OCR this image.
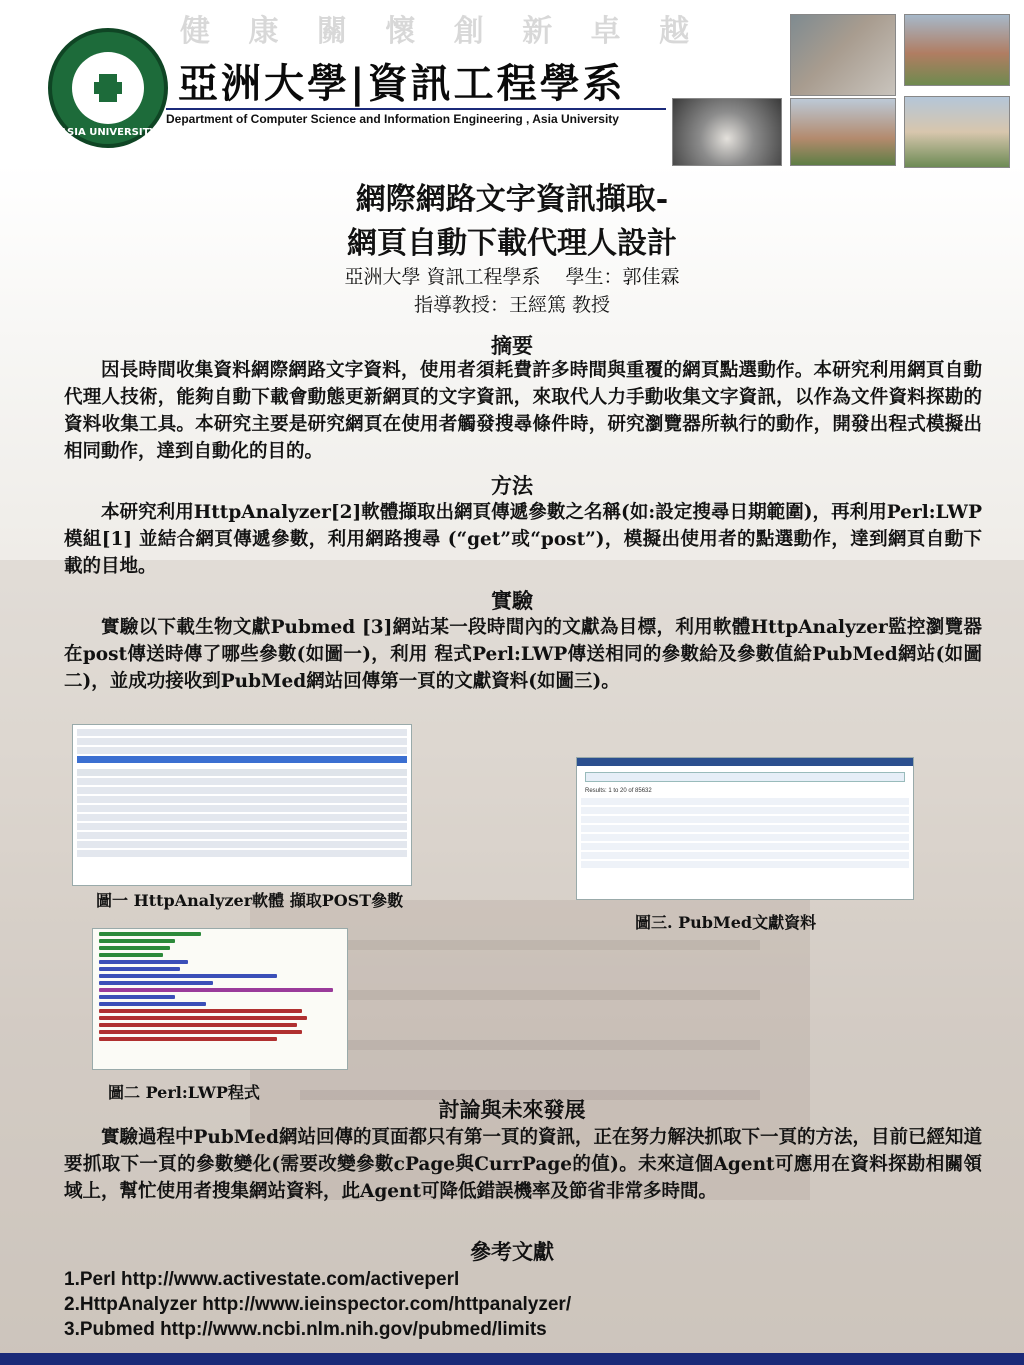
健 康 關 懷 創 新 卓 越
ASIA UNIVERSITY
亞洲大學|資訊工程學系
Department of Computer Science and Information Engineering , Asia University
網際網路文字資訊擷取-
網頁自動下載代理人設計
亞洲大學 資訊工程學系　 學生：郭佳霖
指導教授：王經篤 教授
摘要
因長時間收集資料網際網路文字資料，使用者須耗費許多時間與重覆的網頁點選動作。本研究利用網頁自動代理人技術，能夠自動下載會動態更新網頁的文字資訊，來取代人力手動收集文字資訊，以作為文件資料探勘的資料收集工具。本研究主要是研究網頁在使用者觸發搜尋條件時，研究瀏覽器所執行的動作，開發出程式模擬出相同動作，達到自動化的目的。
方法
本研究利用HttpAnalyzer[2]軟體擷取出網頁傳遞參數之名稱(如:設定搜尋日期範圍)，再利用Perl:LWP模組[1] 並結合網頁傳遞參數，利用網路搜尋 (“get”或“post”)，模擬出使用者的點選動作，達到網頁自動下載的目地。
實驗
實驗以下載生物文獻Pubmed [3]網站某一段時間內的文獻為目標，利用軟體HttpAnalyzer監控瀏覽器在post傳送時傳了哪些參數(如圖一)，利用 程式Perl:LWP傳送相同的參數給及參數值給PubMed網站(如圖二)，並成功接收到PubMed網站回傳第一頁的文獻資料(如圖三)。
圖一 HttpAnalyzer軟體 擷取POST參數
Results: 1 to 20 of 85632
圖三. PubMed文獻資料
圖二 Perl:LWP程式
討論與未來發展
實驗過程中PubMed網站回傳的頁面都只有第一頁的資訊，正在努力解決抓取下一頁的方法，目前已經知道要抓取下一頁的參數變化(需要改變參數cPage與CurrPage的值)。未來這個Agent可應用在資料探勘相關領域上，幫忙使用者搜集網站資料，此Agent可降低錯誤機率及節省非常多時間。
參考文獻
1.Perl http://www.activestate.com/activeperl
2.HttpAnalyzer http://www.ieinspector.com/httpanalyzer/
3.Pubmed http://www.ncbi.nlm.nih.gov/pubmed/limits
